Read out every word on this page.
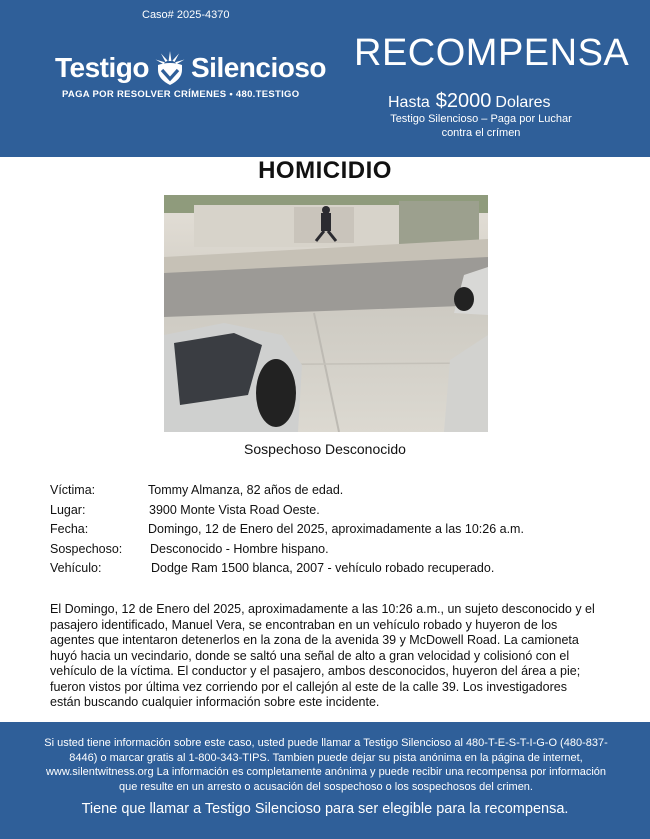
Caso# 2025-4370
Testigo Silencioso
PAGA POR RESOLVER CRÍMENES • 480.TESTIGO
RECOMPENSA
Hasta $2000 Dolares
Testigo Silencioso – Paga por Luchar contra el crímen
HOMICIDIO
Sospechoso Desconocido
Víctima:	Tommy Almanza, 82 años de edad.
Lugar:	3900 Monte Vista Road Oeste.
Fecha:	Domingo, 12 de Enero del 2025, aproximadamente a las 10:26 a.m.
Sospechoso: Desconocido - Hombre hispano.
Vehículo:	Dodge Ram 1500 blanca, 2007 - vehículo robado recuperado.
El Domingo, 12 de Enero del 2025, aproximadamente a las 10:26 a.m., un sujeto desconocido y el pasajero identificado, Manuel Vera, se encontraban en un vehículo robado y huyeron de los agentes que intentaron detenerlos en la zona de la avenida 39 y McDowell Road. La camioneta huyó hacia un vecindario, donde se saltó una señal de alto a gran velocidad y colisionó con el vehículo de la víctima. El conductor y el pasajero, ambos desconocidos, huyeron del área a pie; fueron vistos por última vez corriendo por el callejón al este de la calle 39. Los investigadores están buscando cualquier información sobre este incidente.
Si usted tiene información sobre este caso, usted puede llamar a Testigo Silencioso al 480-T-E-S-T-I-G-O (480-837-8446) o marcar gratis al 1-800-343-TIPS. Tambien puede dejar su pista anónima en la página de internet, www.silentwitness.org La información es completamente anónima y puede recibir una recompensa por información que resulte en un arresto o acusación del sospechoso o los sospechosos del crimen.
Tiene que llamar a Testigo Silencioso para ser elegible para la recompensa.
